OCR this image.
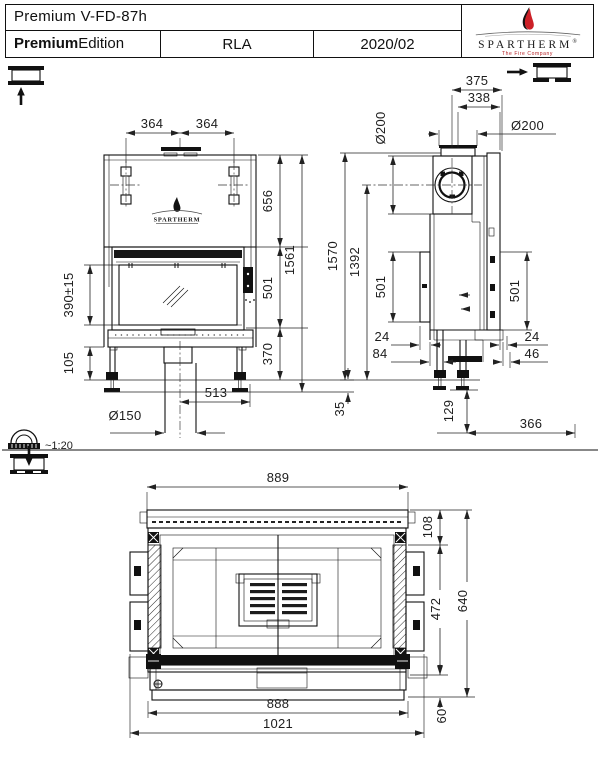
Premium V-FD-87h
SPARTHERM®
The Fire Company
PremiumEdition	RLA	2020/02
~1:20
SPARTHERM
364 364
656
501
370
1561
35
390±15
105
513
Ø150
375
338
Ø200
Ø200
1570 1392
501	501
24
84
24
46
129
366
889
108
472 640
60
888
1021
